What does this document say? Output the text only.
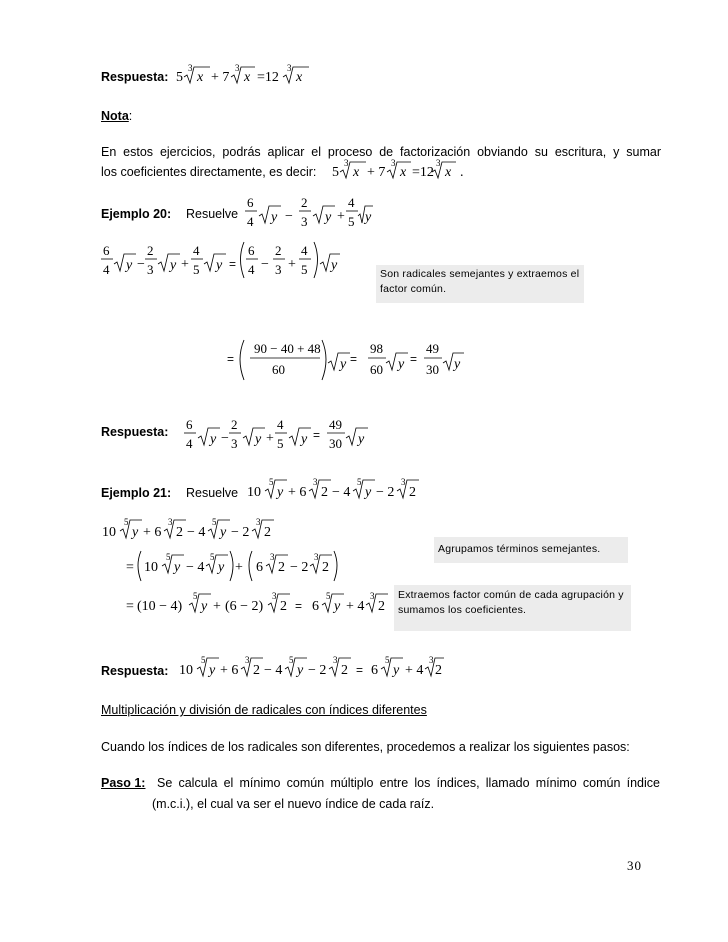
Respuesta: 5
3
x + 7
3
x =12
3
x
Nota:
En estos ejercicios, podrás aplicar el proceso de factorización obviando su escritura, y sumar
los coeficientes directamente, es decir: 5
3
x + 7
3
x =12
3
x .
Ejemplo 20: Resuelve
6
4 y −
2
3 y +
4
5 y
6
4 y −
2
3 y +
4
5 y =
6
4 −
2
3 +
4
5 y
Son radicales semejantes y extraemos el factor común.
=
90 − 40 + 48
60	y =
98
60 y =
49
30 y
Respuesta: 6
4 y −
2
3 y +
4
5 y =
49
30 y
Ejemplo 21: Resuelve 10
5
y + 6
3
2 − 4
5
y − 2
3
2
10
5
y + 6
3
2 − 4
5
y − 2
3
2
Agrupamos términos semejantes.
= 10
5
y − 4
5
y + 6
3
2 − 2
3
2
= (10 − 4)
5
y + (6 − 2)
3
2 = 6
5
y + 4
3
2
Extraemos factor común de cada agrupación y sumamos los coeficientes.
Respuesta: 10
5
y + 6
3
2 − 4
5
y − 2
3
2 = 6
5
y + 4
3
2
Multiplicación y división de radicales con índices diferentes
Cuando los índices de los radicales son diferentes, procedemos a realizar los siguientes pasos:
Paso 1: Se calcula el mínimo común múltiplo entre los índices, llamado mínimo común índice
(m.c.i.), el cual va ser el nuevo índice de cada raíz.
30
